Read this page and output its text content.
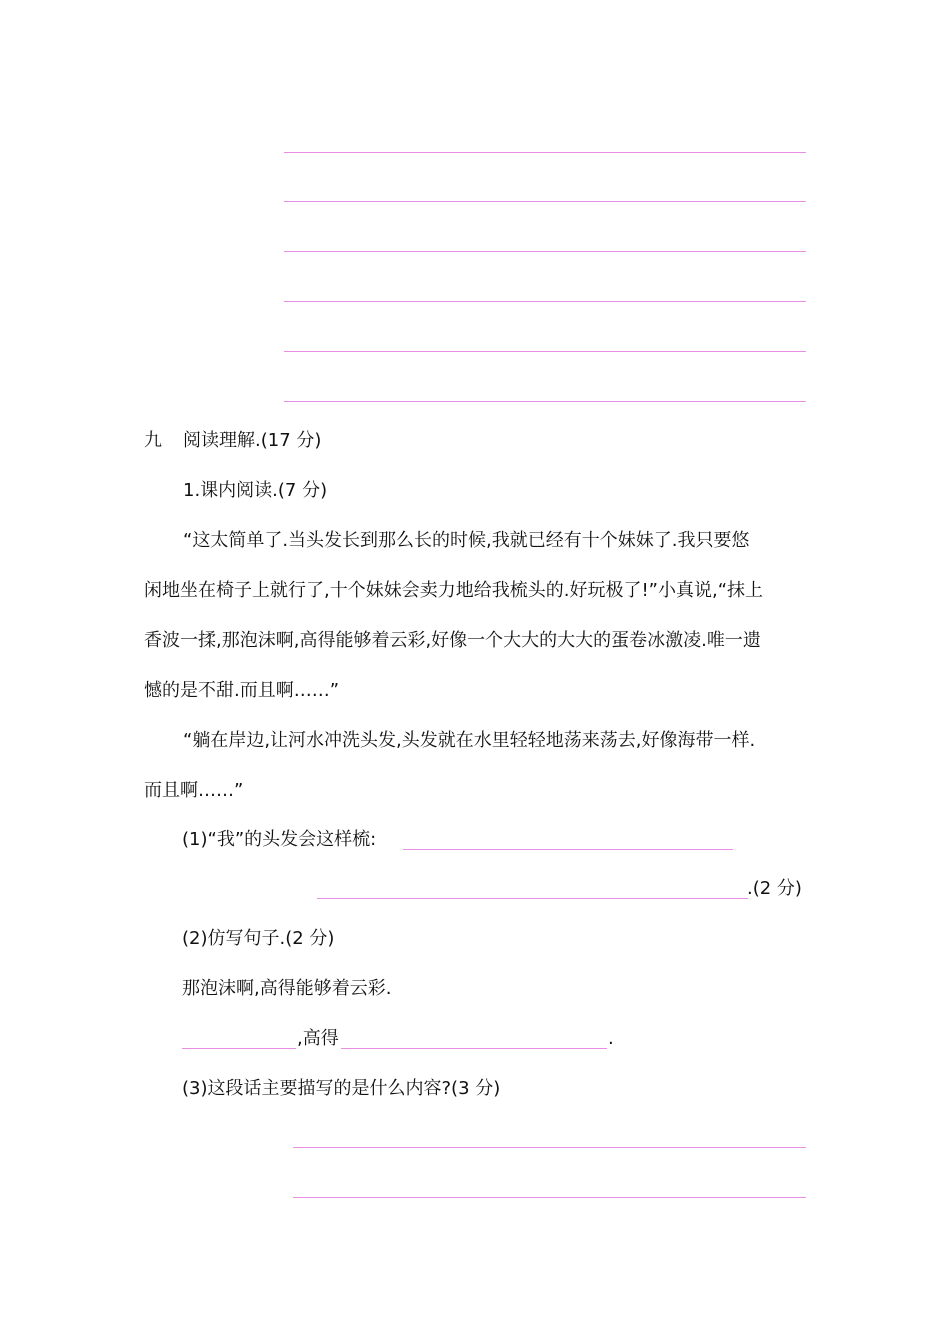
九 阅读理解.(17 分)
1.课内阅读.(7 分)
“这太简单了.当头发长到那么长的时候,我就已经有十个妹妹了.我只要悠
闲地坐在椅子上就行了,十个妹妹会卖力地给我梳头的.好玩极了!”小真说,“抹上
香波一揉,那泡沫啊,高得能够着云彩,好像一个大大的大大的蛋卷冰激凌.唯一遗
憾的是不甜.而且啊……”
“躺在岸边,让河水冲洗头发,头发就在水里轻轻地荡来荡去,好像海带一样.
而且啊……”
(1)“我”的头发会这样梳:
.(2 分)
(2)仿写句子.(2 分)
那泡沫啊,高得能够着云彩.
,高得	.
(3)这段话主要描写的是什么内容?(3 分)
